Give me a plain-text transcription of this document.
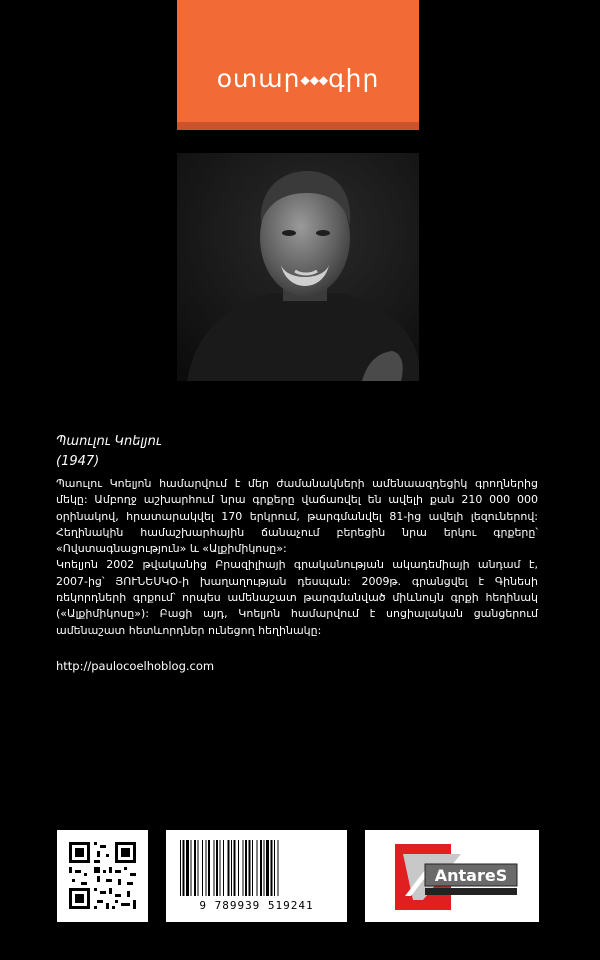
օտար◆◆◆գիր
Պաուլու Կոելյու
(1947)

Պաուլու Կոելյոն համարվում է մեր ժամանակների ամենաազդեցիկ գրողներից մեկը: Ամբողջ աշխարհում նրա գրքերը վաճառվել են ավելի քան 210 000 000 օրինակով, հրատարակվել 170 երկրում, թարգմանվել 81-ից ավելի լեզուներով: Հեղինակին համաշխարհային ճանաչում բերեցին նրա երկու գրքերը՝ «Ովստագնացություն» և «Ալքիմիկոսը»:

Կոելյոն 2002 թվականից Բրազիլիայի գրականության ակադեմիայի անդամ է, 2007-ից՝ ՅՈՒՆԵՍԿՕ-ի խաղաղության դեսպան: 2009թ. գրանցվել է Գինեսի ռեկորդների գրքում՝ որպես ամենաշատ թարգմանված միևնույն գրքի հեղինակ («Ալքիմիկոսը»): Բացի այդ, Կոելյոն համարվում է սոցիալական ցանցերում ամենաշատ հետևորդներ ունեցող հեղինակը:

http://paulocoelhoblog.com
9 789939 519241
AntareS
